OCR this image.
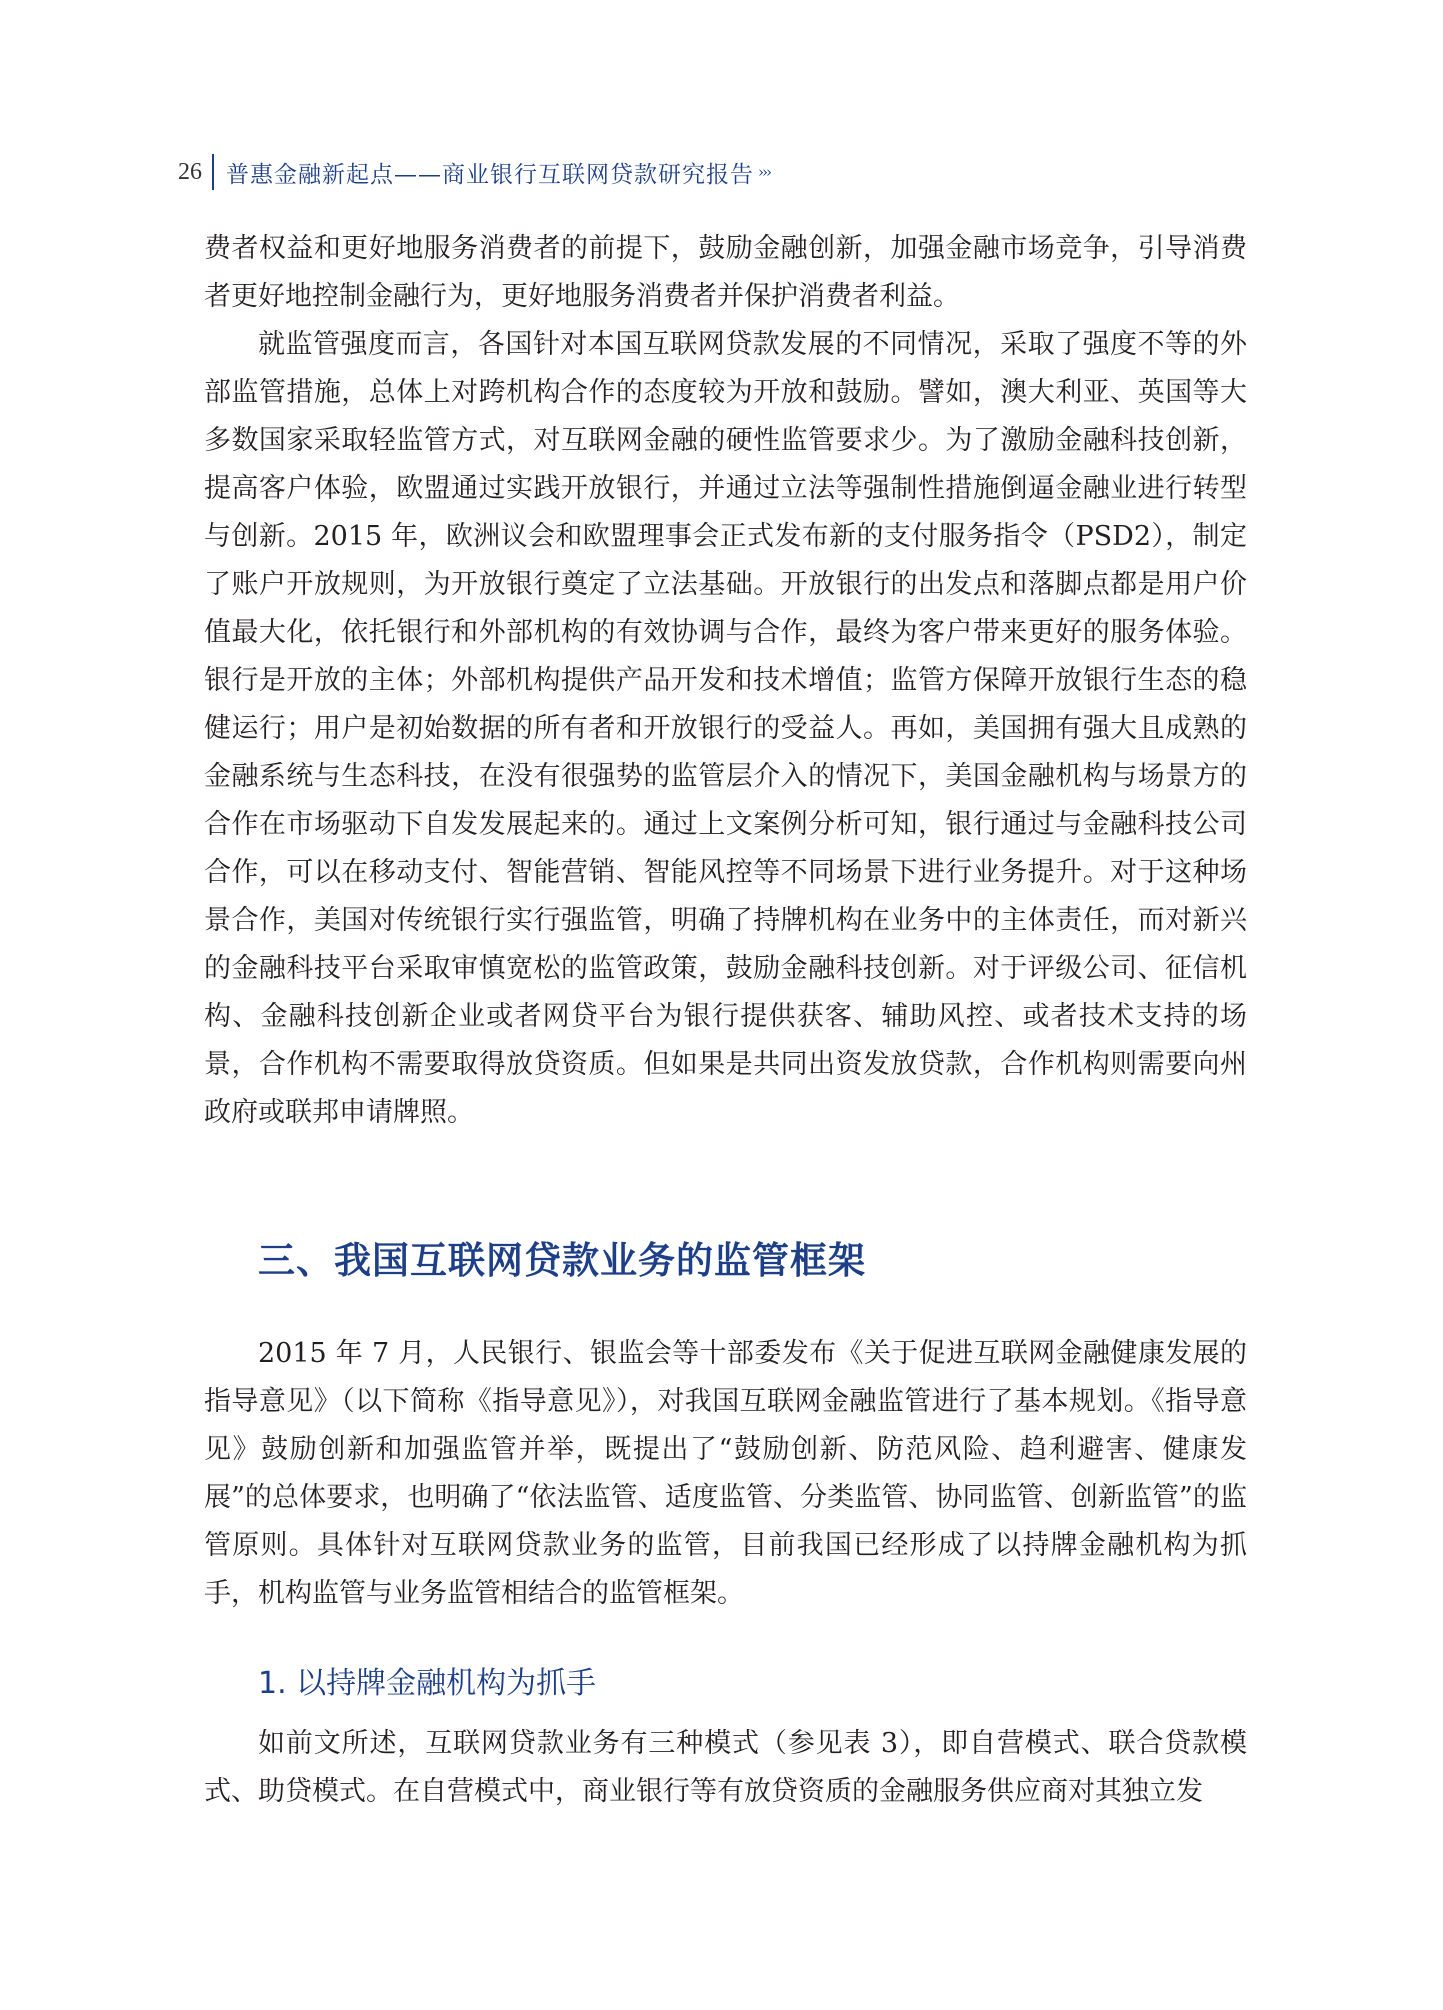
26	普惠金融新起点——商业银行互联网贷款研究报告 ›››

费者权益和更好地服务消费者的前提下，鼓励金融创新，加强金融市场竞争，引导消费者更好地控制金融行为，更好地服务消费者并保护消费者利益。

就监管强度而言，各国针对本国互联网贷款发展的不同情况，采取了强度不等的外部监管措施，总体上对跨机构合作的态度较为开放和鼓励。譬如，澳大利亚、英国等大多数国家采取轻监管方式，对互联网金融的硬性监管要求少。为了激励金融科技创新，提高客户体验，欧盟通过实践开放银行，并通过立法等强制性措施倒逼金融业进行转型与创新。2015 年，欧洲议会和欧盟理事会正式发布新的支付服务指令（PSD2），制定了账户开放规则，为开放银行奠定了立法基础。开放银行的出发点和落脚点都是用户价值最大化，依托银行和外部机构的有效协调与合作，最终为客户带来更好的服务体验。银行是开放的主体；外部机构提供产品开发和技术增值；监管方保障开放银行生态的稳健运行；用户是初始数据的所有者和开放银行的受益人。再如，美国拥有强大且成熟的金融系统与生态科技，在没有很强势的监管层介入的情况下，美国金融机构与场景方的合作在市场驱动下自发发展起来的。通过上文案例分析可知，银行通过与金融科技公司合作，可以在移动支付、智能营销、智能风控等不同场景下进行业务提升。对于这种场景合作，美国对传统银行实行强监管，明确了持牌机构在业务中的主体责任，而对新兴的金融科技平台采取审慎宽松的监管政策，鼓励金融科技创新。对于评级公司、征信机构、金融科技创新企业或者网贷平台为银行提供获客、辅助风控、或者技术支持的场景，合作机构不需要取得放贷资质。但如果是共同出资发放贷款，合作机构则需要向州政府或联邦申请牌照。

三、我国互联网贷款业务的监管框架

2015 年 7 月，人民银行、银监会等十部委发布《关于促进互联网金融健康发展的指导意见》（以下简称《指导意见》），对我国互联网金融监管进行了基本规划。《指导意见》鼓励创新和加强监管并举，既提出了“鼓励创新、防范风险、趋利避害、健康发展”的总体要求，也明确了“依法监管、适度监管、分类监管、协同监管、创新监管”的监管原则。具体针对互联网贷款业务的监管，目前我国已经形成了以持牌金融机构为抓手，机构监管与业务监管相结合的监管框架。

1. 以持牌金融机构为抓手

如前文所述，互联网贷款业务有三种模式（参见表 3），即自营模式、联合贷款模式、助贷模式。在自营模式中，商业银行等有放贷资质的金融服务供应商对其独立发
